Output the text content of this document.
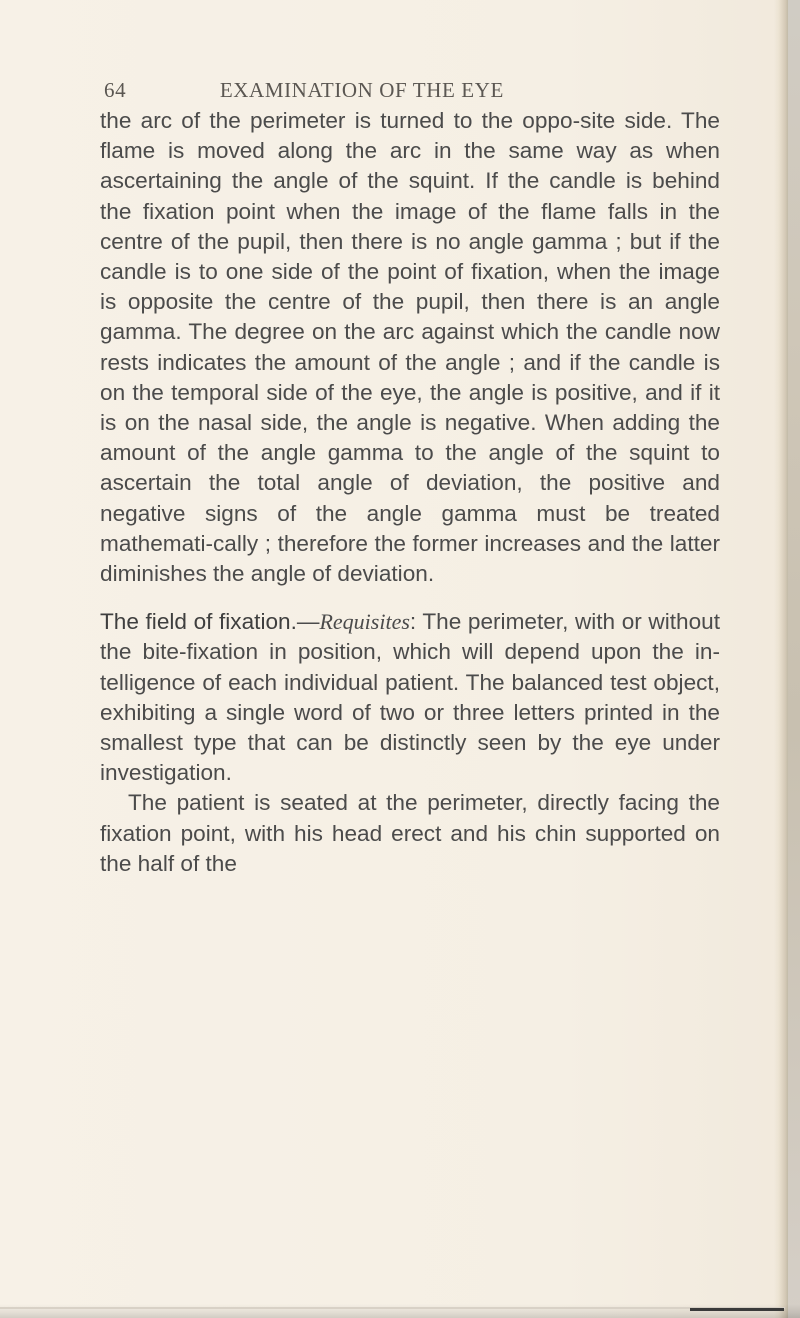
64	EXAMINATION OF THE EYE

the arc of the perimeter is turned to the oppo-site side. The flame is moved along the arc in the same way as when ascertaining the angle of the squint. If the candle is behind the fixation point when the image of the flame falls in the centre of the pupil, then there is no angle gamma ; but if the candle is to one side of the point of fixation, when the image is opposite the centre of the pupil, then there is an angle gamma. The degree on the arc against which the candle now rests indicates the amount of the angle ; and if the candle is on the temporal side of the eye, the angle is positive, and if it is on the nasal side, the angle is negative. When adding the amount of the angle gamma to the angle of the squint to ascertain the total angle of deviation, the positive and negative signs of the angle gamma must be treated mathemati-cally ; therefore the former increases and the latter diminishes the angle of deviation.

The field of fixation.—Requisites: The perimeter, with or without the bite-fixation in position, which will depend upon the in-telligence of each individual patient. The balanced test object, exhibiting a single word of two or three letters printed in the smallest type that can be distinctly seen by the eye under investigation.

The patient is seated at the perimeter, directly facing the fixation point, with his head erect and his chin supported on the half of the
